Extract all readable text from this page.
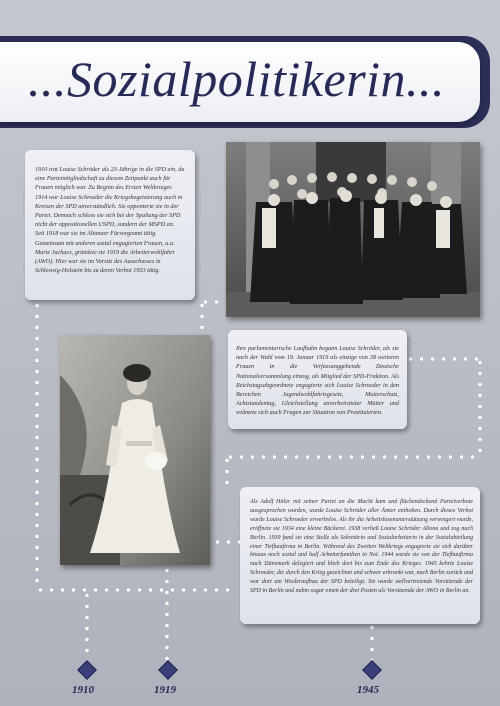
...Sozialpolitikerin...

1910 trat Louise Schröder als 23-Jährige in die SPD ein, da eine Parteimitgliedschaft zu diesem Zeitpunkt auch für Frauen möglich war. Zu Beginn des Ersten Weltkrieges 1914 war Louise Schroeder die Kriegsbegeisterung auch in Kreisen der SPD unverständlich. Sie opponierte sie in der Partei. Dennoch schloss sie sich bei der Spaltung der SPD nicht der oppositionellen USPD, sondern der MSPD an. Seit 1918 war sie im Altonaer Fürsorgeamt tätig. Gemeinsam mit anderen sozial engagierten Frauen, u.a. Marie Juchacz, gründete sie 1919 die Arbeiterwohlfahrt (AWO). Hier war sie im Vorsitz des Ausschusses in Schleswig-Holstein bis zu deren Verbot 1933 tätig.

Ihre parlamentarische Laufbahn begann Louise Schröder, als sie nach der Wahl vom 19. Januar 1919 als einzige von 38 weiteren Frauen in die Verfassunggebende Deutsche Nationalversammlung einzog, als Mitglied der SPD-Fraktion. Als Reichstagsabgeordnete engagierte sich Louise Schroeder in den Bereichen Jugendwohlfahrtsgesetz, Mutterschutz, Achtstundentag, Gleichstellung unverheirateter Mütter und widmete sich auch Fragen zur Situation von Prostituierten.

Als Adolf Hitler mit seiner Partei an die Macht kam und flächendeckend Parteiverbote ausgesprochen wurden, wurde Louise Schröder aller Ämter enthoben. Durch dieses Verbot wurde Louise Schroeder erwerbslos. Als ihr die Arbeitslosenunterstützung verweigert wurde, eröffnete sie 1934 eine kleine Bäckerei. 1938 verließ Louise Schröder Altona und zog nach Berlin. 1939 fand sie eine Stelle als Sekretärin und Sozialarbeiterin in der Sozialabteilung einer Tiefbaufirma in Berlin. Während des Zweiten Weltkriegs engagierte sie sich darüber hinaus noch sozial und half Arbeiterfamilien in Not. 1944 wurde sie von der Tiefbaufirma nach Dänemark delegiert und blieb dort bis zum Ende des Krieges. 1945 kehrte Louise Schroeder, die durch den Krieg gezeichnet und schwer erkrankt war, nach Berlin zurück und war dort am Wiederaufbau der SPD beteiligt. Sie wurde stellvertretende Vorsitzende der SPD in Berlin und nahm sogar einen der drei Posten als Vorsitzende der AWO in Berlin an.

1910	1919	1945
